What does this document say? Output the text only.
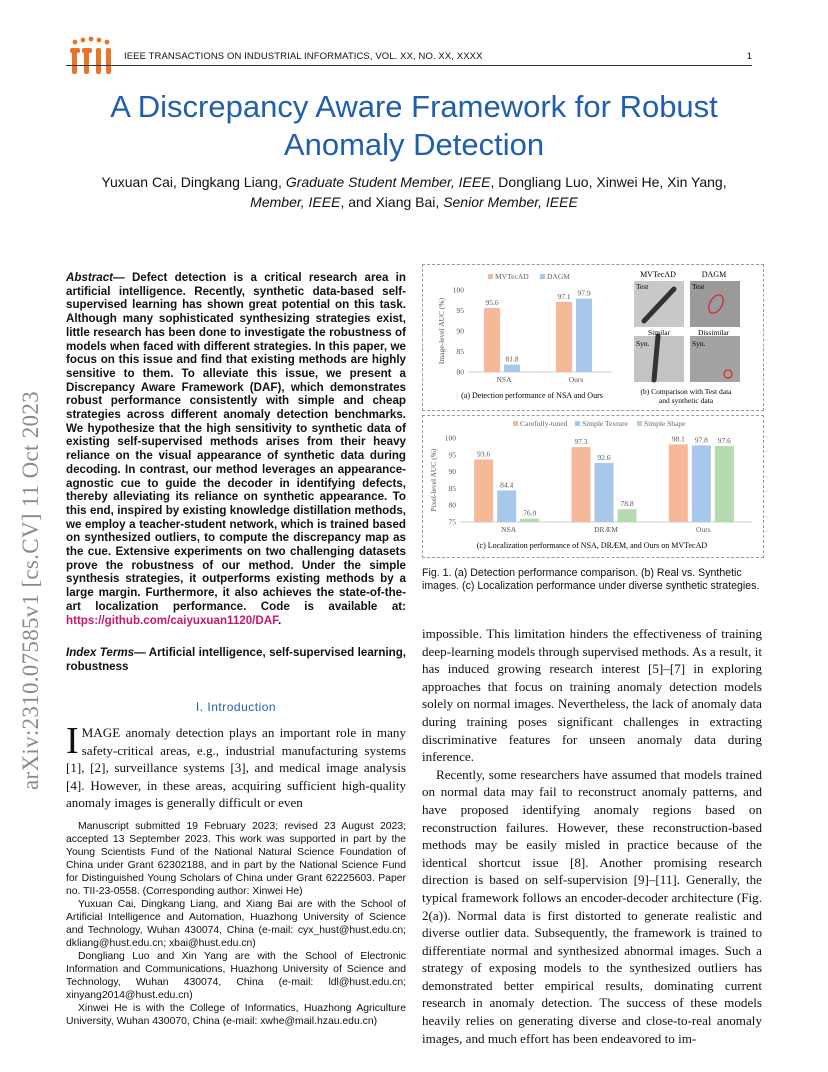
IEEE TRANSACTIONS ON INDUSTRIAL INFORMATICS, VOL. XX, NO. XX, XXXX	1
A Discrepancy Aware Framework for Robust Anomaly Detection
Yuxuan Cai, Dingkang Liang, Graduate Student Member, IEEE, Dongliang Luo, Xinwei He, Xin Yang,
Member, IEEE, and Xiang Bai, Senior Member, IEEE
arXiv:2310.07585v1 [cs.CV] 11 Oct 2023
Abstract— Defect detection is a critical research area in artificial intelligence. Recently, synthetic data-based self-supervised learning has shown great potential on this task. Although many sophisticated synthesizing strategies exist, little research has been done to investigate the robustness of models when faced with different strategies. In this paper, we focus on this issue and find that existing methods are highly sensitive to them. To alleviate this issue, we present a Discrepancy Aware Framework (DAF), which demonstrates robust performance consistently with simple and cheap strategies across different anomaly detection benchmarks. We hypothesize that the high sensitivity to synthetic data of existing self-supervised methods arises from their heavy reliance on the visual appearance of synthetic data during decoding. In contrast, our method leverages an appearance-agnostic cue to guide the decoder in identifying defects, thereby alleviating its reliance on synthetic appearance. To this end, inspired by existing knowledge distillation methods, we employ a teacher-student network, which is trained based on synthesized outliers, to compute the discrepancy map as the cue. Extensive experiments on two challenging datasets prove the robustness of our method. Under the simple synthesis strategies, it outperforms existing methods by a large margin. Furthermore, it also achieves the state-of-the-art localization performance. Code is available at: https://github.com/caiyuxuan1120/DAF.
Index Terms— Artificial intelligence, self-supervised learning, robustness
I. Introduction
IMAGE anomaly detection plays an important role in many safety-critical areas, e.g., industrial manufacturing systems [1], [2], surveillance systems [3], and medical image analysis [4]. However, in these areas, acquiring sufficient high-quality anomaly images is generally difficult or even

Manuscript submitted 19 February 2023; revised 23 August 2023; accepted 13 September 2023. This work was supported in part by the Young Scientists Fund of the National Natural Science Foundation of China under Grant 62302188, and in part by the National Science Fund for Distinguished Young Scholars of China under Grant 62225603. Paper no. TII-23-0558. (Corresponding author: Xinwei He)

Yuxuan Cai, Dingkang Liang, and Xiang Bai are with the School of Artificial Intelligence and Automation, Huazhong University of Science and Technology, Wuhan 430074, China (e-mail: cyx_hust@hust.edu.cn; dkliang@hust.edu.cn; xbai@hust.edu.cn)

Dongliang Luo and Xin Yang are with the School of Electronic Information and Communications, Huazhong University of Science and Technology, Wuhan 430074, China (e-mail: ldl@hust.edu.cn; xinyang2014@hust.edu.cn)

Xinwei He is with the College of Informatics, Huazhong Agriculture University, Wuhan 430070, China (e-mail: xwhe@mail.hzau.edu.cn)

Image-level AUC (%)
80
85
90
95
100
MVTecAD DAGM
NSA
95.6
81.8
Ours
97.1 97.9
(a) Detection performance of NSA and Ours
MVTecAD	DAGM
Test	Test
Similar
Syn.
Dissimilar
Syn.
(b) Comparison with Test data
and synthetic data
Pixel-level AUC (%)
75
80
85
90
95
100
Carefully-tuned Simple Texture Simple Shape
NSA
93.6
84.4
76.0
DRÆM
97.3
92.6
78.8
Ours
98.1 97.8 97.6
(c) Localization performance of NSA, DRÆM, and Ours on MVTecAD
Fig. 1. (a) Detection performance comparison. (b) Real vs. Synthetic images. (c) Localization performance under diverse synthetic strategies.

impossible. This limitation hinders the effectiveness of training deep-learning models through supervised methods. As a result, it has induced growing research interest [5]–[7] in exploring approaches that focus on training anomaly detection models solely on normal images. Nevertheless, the lack of anomaly data during training poses significant challenges in extracting discriminative features for unseen anomaly data during inference.

Recently, some researchers have assumed that models trained on normal data may fail to reconstruct anomaly patterns, and have proposed identifying anomaly regions based on reconstruction failures. However, these reconstruction-based methods may be easily misled in practice because of the identical shortcut issue [8]. Another promising research direction is based on self-supervision [9]–[11]. Generally, the typical framework follows an encoder-decoder architecture (Fig. 2(a)). Normal data is first distorted to generate realistic and diverse outlier data. Subsequently, the framework is trained to differentiate normal and synthesized abnormal images. Such a strategy of exposing models to the synthesized outliers has demonstrated better empirical results, dominating current research in anomaly detection. The success of these models heavily relies on generating diverse and close-to-real anomaly images, and much effort has been endeavored to im-
